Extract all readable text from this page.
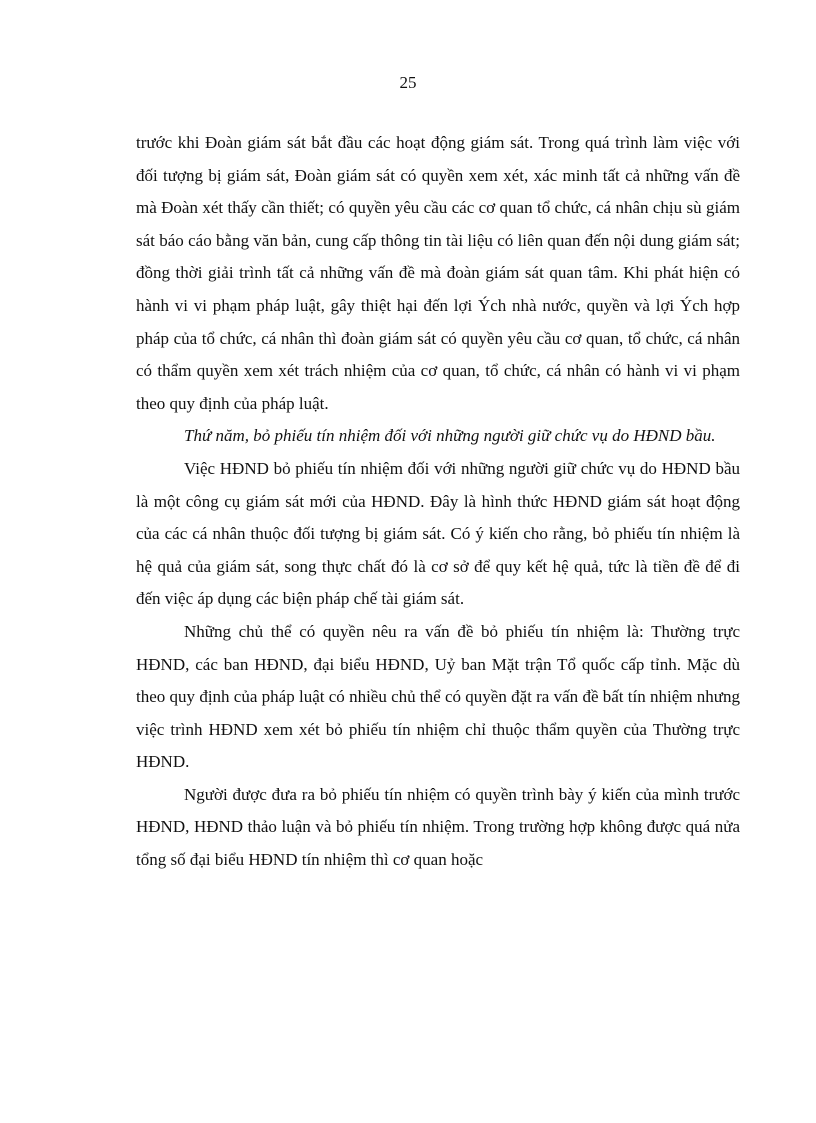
25

trước khi Đoàn giám sát bắt đầu các hoạt động giám sát. Trong quá trình làm việc với đối tượng bị giám sát, Đoàn giám sát có quyền xem xét, xác minh tất cả những vấn đề mà Đoàn xét thấy cần thiết; có quyền yêu cầu các cơ quan tổ chức, cá nhân chịu sù giám sát báo cáo bằng văn bản, cung cấp thông tin tài liệu có liên quan đến nội dung giám sát; đồng thời giải trình tất cả những vấn đề mà đoàn giám sát quan tâm. Khi phát hiện có hành vi vi phạm pháp luật, gây thiệt hại đến lợi Ých nhà nước, quyền và lợi Ých hợp pháp của tổ chức, cá nhân thì đoàn giám sát có quyền yêu cầu cơ quan, tổ chức, cá nhân có thẩm quyền xem xét trách nhiệm của cơ quan, tổ chức, cá nhân có hành vi vi phạm theo quy định của pháp luật.

Thứ năm, bỏ phiếu tín nhiệm đối với những người giữ chức vụ do HĐND bầu.

Việc HĐND bỏ phiếu tín nhiệm đối với những người giữ chức vụ do HĐND bầu là một công cụ giám sát mới của HĐND. Đây là hình thức HĐND giám sát hoạt động của các cá nhân thuộc đối tượng bị giám sát. Có ý kiến cho rằng, bỏ phiếu tín nhiệm là hệ quả của giám sát, song thực chất đó là cơ sở để quy kết hệ quả, tức là tiền đề để đi đến việc áp dụng các biện pháp chế tài giám sát.

Những chủ thể có quyền nêu ra vấn đề bỏ phiếu tín nhiệm là: Thường trực HĐND, các ban HĐND, đại biểu HĐND, Uỷ ban Mặt trận Tổ quốc cấp tỉnh. Mặc dù theo quy định của pháp luật có nhiều chủ thể có quyền đặt ra vấn đề bất tín nhiệm nhưng việc trình HĐND xem xét bỏ phiếu tín nhiệm chỉ thuộc thẩm quyền của Thường trực HĐND.

Người được đưa ra bỏ phiếu tín nhiệm có quyền trình bày ý kiến của mình trước HĐND, HĐND thảo luận và bỏ phiếu tín nhiệm. Trong trường hợp không được quá nửa tổng số đại biểu HĐND tín nhiệm thì cơ quan hoặc
